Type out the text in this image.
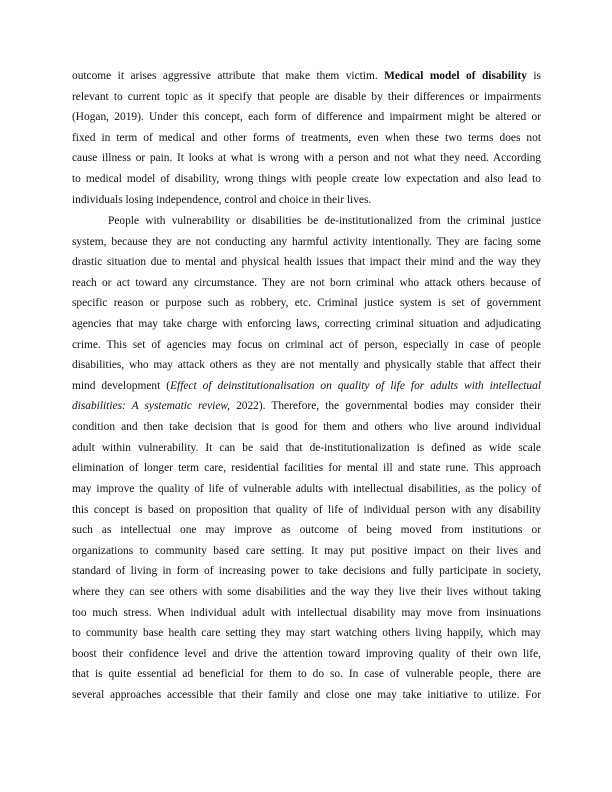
outcome it arises aggressive attribute that make them victim. Medical model of disability is
relevant to current topic as it specify that people are disable by their differences or impairments
(Hogan, 2019). Under this concept, each form of difference and impairment might be altered or
fixed in term of medical and other forms of treatments, even when these two terms does not
cause illness or pain. It looks at what is wrong with a person and not what they need. According
to medical model of disability, wrong things with people create low expectation and also lead to
individuals losing independence, control and choice in their lives.
People with vulnerability or disabilities be de-institutionalized from the criminal justice
system, because they are not conducting any harmful activity intentionally. They are facing some
drastic situation due to mental and physical health issues that impact their mind and the way they
reach or act toward any circumstance. They are not born criminal who attack others because of
specific reason or purpose such as robbery, etc. Criminal justice system is set of government
agencies that may take charge with enforcing laws, correcting criminal situation and adjudicating
crime. This set of agencies may focus on criminal act of person, especially in case of people
disabilities, who may attack others as they are not mentally and physically stable that affect their
mind development (Effect of deinstitutionalisation on quality of life for adults with intellectual
disabilities: A systematic review, 2022). Therefore, the governmental bodies may consider their
condition and then take decision that is good for them and others who live around individual
adult within vulnerability. It can be said that de-institutionalization is defined as wide scale
elimination of longer term care, residential facilities for mental ill and state rune. This approach
may improve the quality of life of vulnerable adults with intellectual disabilities, as the policy of
this concept is based on proposition that quality of life of individual person with any disability
such as intellectual one may improve as outcome of being moved from institutions or
organizations to community based care setting. It may put positive impact on their lives and
standard of living in form of increasing power to take decisions and fully participate in society,
where they can see others with some disabilities and the way they live their lives without taking
too much stress. When individual adult with intellectual disability may move from insinuations
to community base health care setting they may start watching others living happily, which may
boost their confidence level and drive the attention toward improving quality of their own life,
that is quite essential ad beneficial for them to do so. In case of vulnerable people, there are
several approaches accessible that their family and close one may take initiative to utilize. For
